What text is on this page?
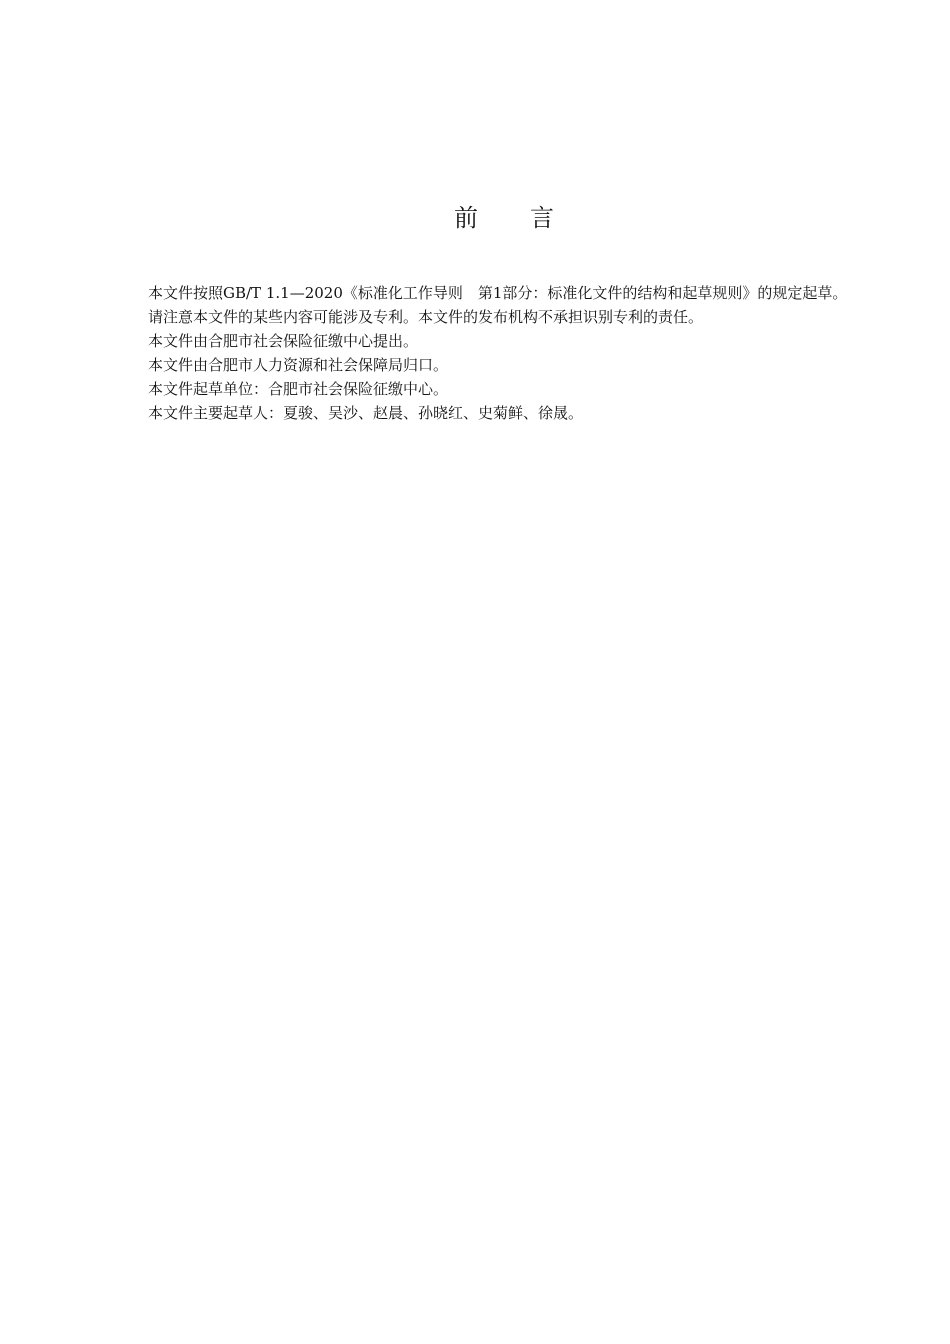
前 言

本文件按照GB/T 1.1—2020《标准化工作导则　第1部分：标准化文件的结构和起草规则》的规定起草。

请注意本文件的某些内容可能涉及专利。本文件的发布机构不承担识别专利的责任。

本文件由合肥市社会保险征缴中心提出。

本文件由合肥市人力资源和社会保障局归口。

本文件起草单位：合肥市社会保险征缴中心。

本文件主要起草人：夏骏、吴沙、赵晨、孙晓红、史菊鲜、徐晟。
